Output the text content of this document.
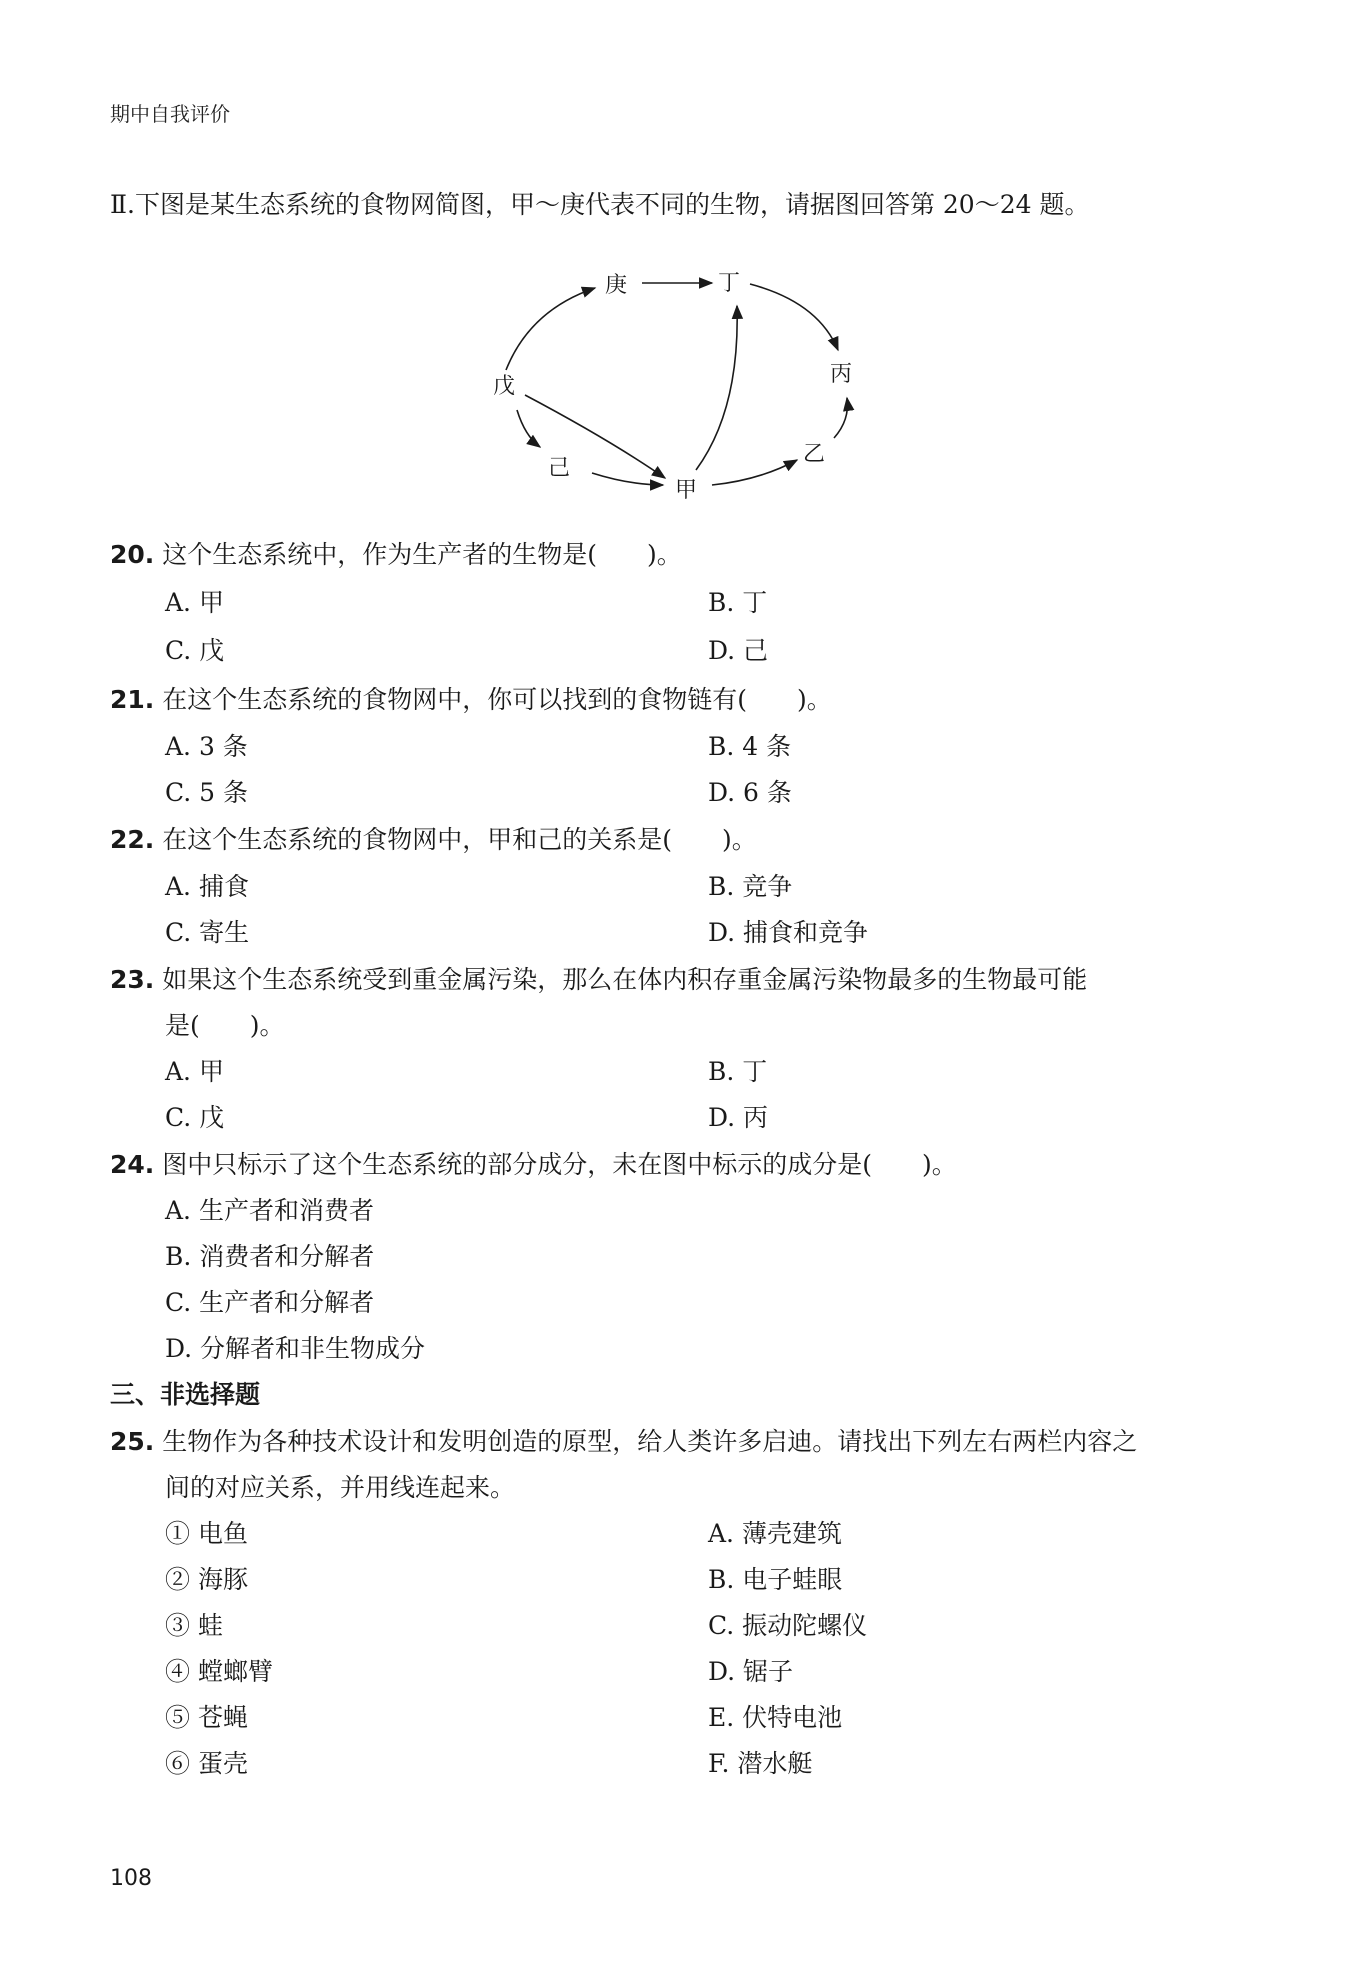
期中自我评价
Ⅱ.下图是某生态系统的食物网简图，甲～庚代表不同的生物，请据图回答第 20～24 题。
庚	丁
丙
戊
己
甲
乙
20. 这个生态系统中，作为生产者的生物是(　　)。
A. 甲	B. 丁
C. 戊	D. 己
21. 在这个生态系统的食物网中，你可以找到的食物链有(　　)。
A. 3 条	B. 4 条
C. 5 条	D. 6 条
22. 在这个生态系统的食物网中，甲和己的关系是(　　)。
A. 捕食	B. 竞争
C. 寄生	D. 捕食和竞争
23. 如果这个生态系统受到重金属污染，那么在体内积存重金属污染物最多的生物最可能
是(　　)。
A. 甲	B. 丁
C. 戊	D. 丙
24. 图中只标示了这个生态系统的部分成分，未在图中标示的成分是(　　)。
A. 生产者和消费者
B. 消费者和分解者
C. 生产者和分解者
D. 分解者和非生物成分
三、非选择题
25. 生物作为各种技术设计和发明创造的原型，给人类许多启迪。请找出下列左右两栏内容之
间的对应关系，并用线连起来。
① 电鱼	A. 薄壳建筑
② 海豚	B. 电子蛙眼
③ 蛙	C. 振动陀螺仪
④ 螳螂臂	D. 锯子
⑤ 苍蝇	E. 伏特电池
⑥ 蛋壳	F. 潜水艇
108
